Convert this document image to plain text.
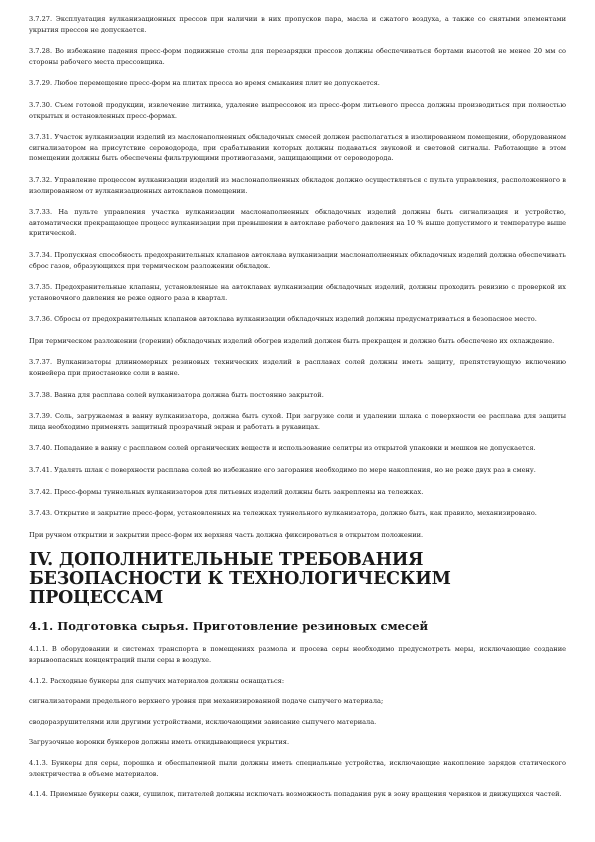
3.7.27. Эксплуатация вулканизационных прессов при наличии в них пропусков пара, масла и сжатого воздуха, а также со снятыми элементами укрытия прессов не допускается.

3.7.28. Во избежание падения пресс-форм подвижные столы для перезарядки прессов должны обеспечиваться бортами высотой не менее 20 мм со стороны рабочего места прессовщика.

3.7.29. Любое перемещение пресс-форм на плитах пресса во время смыкания плит не допускается.

3.7.30. Съем готовой продукции, извлечение литника, удаление выпрессовок из пресс-форм литьевого пресса должны производиться при полностью открытых и остановленных пресс-формах.

3.7.31. Участок вулканизации изделий из маслонаполненных обкладочных смесей должен располагаться в изолированном помещении, оборудованном сигнализатором на присутствие сероводорода, при срабатывании которых должны подаваться звуковой и световой сигналы. Работающие в этом помещении должны быть обеспечены фильтрующими противогазами, защищающими от сероводорода.

3.7.32. Управление процессом вулканизации изделий из маслонаполненных обкладок должно осуществляться с пульта управления, расположенного в изолированном от вулканизационных автоклавов помещении.

3.7.33. На пульте управления участка вулканизации маслонаполненных обкладочных изделий должны быть сигнализация и устройство, автоматически прекращающее процесс вулканизации при превышении в автоклаве рабочего давления на 10 % выше допустимого и температуре выше критической.

3.7.34. Пропускная способность предохранительных клапанов автоклава вулканизации маслонаполненных обкладочных изделий должна обеспечивать сброс газов, образующихся при термическом разложении обкладок.

3.7.35. Предохранительные клапаны, установленные на автоклавах вулканизации обкладочных изделий, должны проходить ревизию с проверкой их установочного давления не реже одного раза в квартал.

3.7.36. Сбросы от предохранительных клапанов автоклава вулканизации обкладочных изделий должны предусматриваться в безопасное место.

При термическом разложении (горении) обкладочных изделий обогрев изделий должен быть прекращен и должно быть обеспечено их охлаждение.

3.7.37. Вулканизаторы длинномерных резиновых технических изделий в расплавах солей должны иметь защиту, препятствующую включению конвейера при приостановке соли в ванне.

3.7.38. Ванна для расплава солей вулканизатора должна быть постоянно закрытой.

3.7.39. Соль, загружаемая в ванну вулканизатора, должна быть сухой. При загрузке соли и удалении шлака с поверхности ее расплава для защиты лица необходимо применять защитный прозрачный экран и работать в рукавицах.

3.7.40. Попадание в ванну с расплавом солей органических веществ и использование селитры из открытой упаковки и мешков не допускается.

3.7.41. Удалять шлак с поверхности расплава солей во избежание его загорания необходимо по мере накопления, но не реже двух раз в смену.

3.7.42. Пресс-формы туннельных вулканизаторов для литьевых изделий должны быть закреплены на тележках.

3.7.43. Открытие и закрытие пресс-форм, установленных на тележках туннельного вулканизатора, должно быть, как правило, механизировано.

При ручном открытии и закрытии пресс-форм их верхняя часть должна фиксироваться в открытом положении.

IV. ДОПОЛНИТЕЛЬНЫЕ ТРЕБОВАНИЯ БЕЗОПАСНОСТИ К ТЕХНОЛОГИЧЕСКИМ ПРОЦЕССАМ
4.1. Подготовка сырья. Приготовление резиновых смесей

4.1.1. В оборудовании и системах транспорта в помещениях размола и просева серы необходимо предусмотреть меры, исключающие создание взрывоопасных концентраций пыли серы в воздухе.

4.1.2. Расходные бункеры для сыпучих материалов должны оснащаться:

сигнализаторами предельного верхнего уровня при механизированной подаче сыпучего материала;

сводоразрушителями или другими устройствами, исключающими зависание сыпучего материала.

Загрузочные воронки бункеров должны иметь откидывающиеся укрытия.

4.1.3. Бункеры для серы, порошка и обеспыленной пыли должны иметь специальные устройства, исключающие накопление зарядов статического электричества в объеме материалов.

4.1.4. Приемные бункеры сажи, сушилок, питателей должны исключать возможность попадания рук в зону вращения червяков и движущихся частей.
